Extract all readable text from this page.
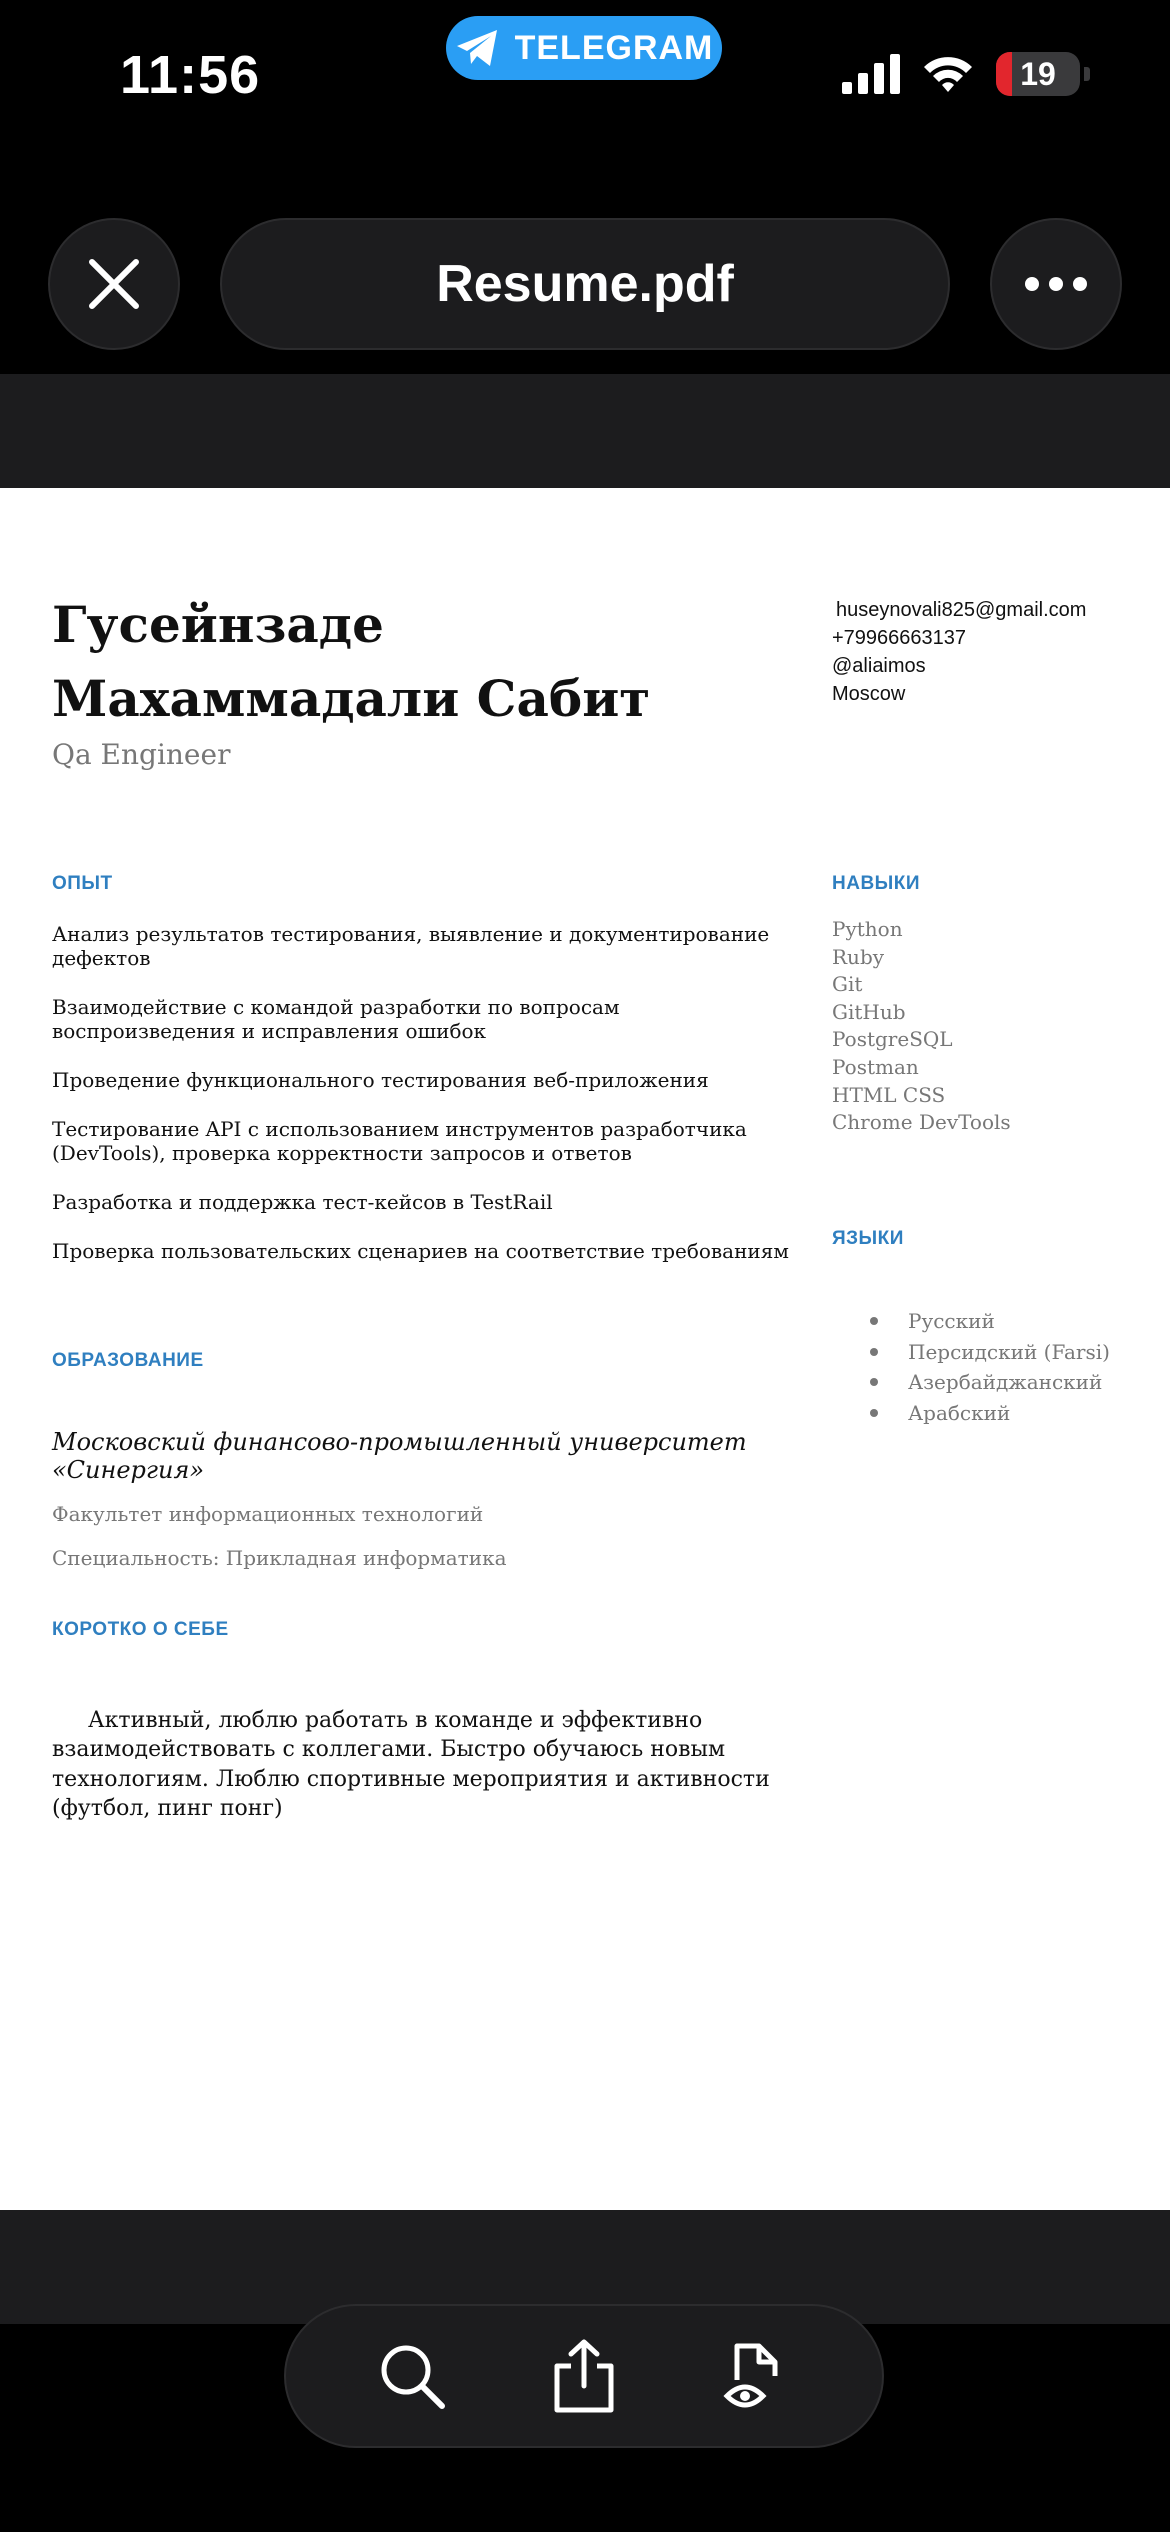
11:56	TELEGRAM
19
Resume.pdf
Гусейнзаде
Махаммадали Сабит
Qa Engineer
huseynovali825@gmail.com
+79966663137
@aliaimos
Moscow
ОПЫТ
Анализ результатов тестирования, выявление и документирование дефектов
Взаимодействие с командой разработки по вопросам воспроизведения и исправления ошибок
Проведение функционального тестирования веб-приложения
Тестирование API с использованием инструментов разработчика (DevTools), проверка корректности запросов и ответов
Разработка и поддержка тест-кейсов в TestRail
Проверка пользовательских сценариев на соответствие требованиям
НАВЫКИ
Python
Ruby
Git
GitHub
PostgreSQL
Postman
HTML CSS
Chrome DevTools
ЯЗЫКИ
Русский
Персидский (Farsi)
Азербайджанский
Арабский
ОБРАЗОВАНИЕ
Московский финансово-промышленный университет «Синергия»
Факультет информационных технологий
Специальность: Прикладная информатика
КОРОТКО О СЕБЕ
Активный, люблю работать в команде и эффективно взаимодействовать с коллегами. Быстро обучаюсь новым технологиям. Люблю спортивные мероприятия и активности (футбол, пинг понг)
